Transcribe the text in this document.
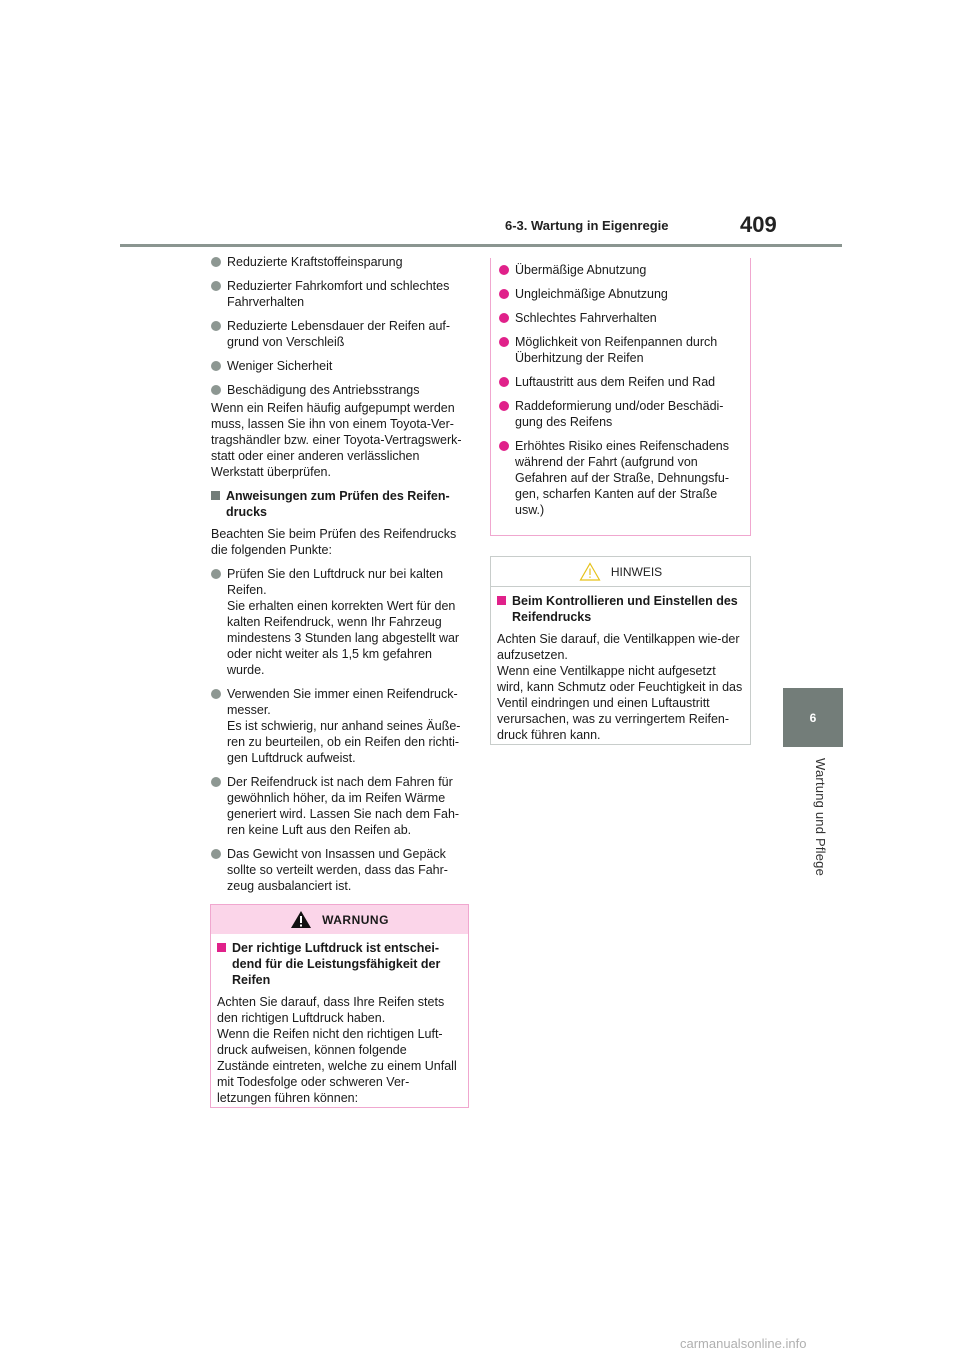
6-3. Wartung in Eigenregie	409
6
Wartung und Pflege
Reduzierte Kraftstoffeinsparung
Reduzierter Fahrkomfort und schlechtes Fahrverhalten
Reduzierte Lebensdauer der Reifen auf-grund von Verschleiß
Weniger Sicherheit
Beschädigung des Antriebsstrangs
Wenn ein Reifen häufig aufgepumpt werden muss, lassen Sie ihn von einem Toyota-Ver-tragshändler bzw. einer Toyota-Vertragswerk-statt oder einer anderen verlässlichen Werkstatt überprüfen.
Anweisungen zum Prüfen des Reifen-drucks
Beachten Sie beim Prüfen des Reifendrucks die folgenden Punkte:
Prüfen Sie den Luftdruck nur bei kalten Reifen.
Sie erhalten einen korrekten Wert für den kalten Reifendruck, wenn Ihr Fahrzeug mindestens 3 Stunden lang abgestellt war oder nicht weiter als 1,5 km gefahren wurde.
Verwenden Sie immer einen Reifendruck-messer.
Es ist schwierig, nur anhand seines Äuße-ren zu beurteilen, ob ein Reifen den richti-gen Luftdruck aufweist.
Der Reifendruck ist nach dem Fahren für gewöhnlich höher, da im Reifen Wärme generiert wird. Lassen Sie nach dem Fah-ren keine Luft aus den Reifen ab.
Das Gewicht von Insassen und Gepäck sollte so verteilt werden, dass das Fahr-zeug ausbalanciert ist.
WARNUNG
Der richtige Luftdruck ist entschei-dend für die Leistungsfähigkeit der Reifen
Achten Sie darauf, dass Ihre Reifen stets den richtigen Luftdruck haben.
Wenn die Reifen nicht den richtigen Luft-druck aufweisen, können folgende Zustände eintreten, welche zu einem Unfall mit Todesfolge oder schweren Ver-letzungen führen können:
Übermäßige Abnutzung
Ungleichmäßige Abnutzung
Schlechtes Fahrverhalten
Möglichkeit von Reifenpannen durch Überhitzung der Reifen
Luftaustritt aus dem Reifen und Rad
Raddeformierung und/oder Beschädi-gung des Reifens
Erhöhtes Risiko eines Reifenschadens während der Fahrt (aufgrund von Gefahren auf der Straße, Dehnungsfu-gen, scharfen Kanten auf der Straße usw.)
HINWEIS
Beim Kontrollieren und Einstellen des Reifendrucks
Achten Sie darauf, die Ventilkappen wie-der aufzusetzen.
Wenn eine Ventilkappe nicht aufgesetzt wird, kann Schmutz oder Feuchtigkeit in das Ventil eindringen und einen Luftaustritt verursachen, was zu verringertem Reifen-druck führen kann.
carmanualsonline.info
